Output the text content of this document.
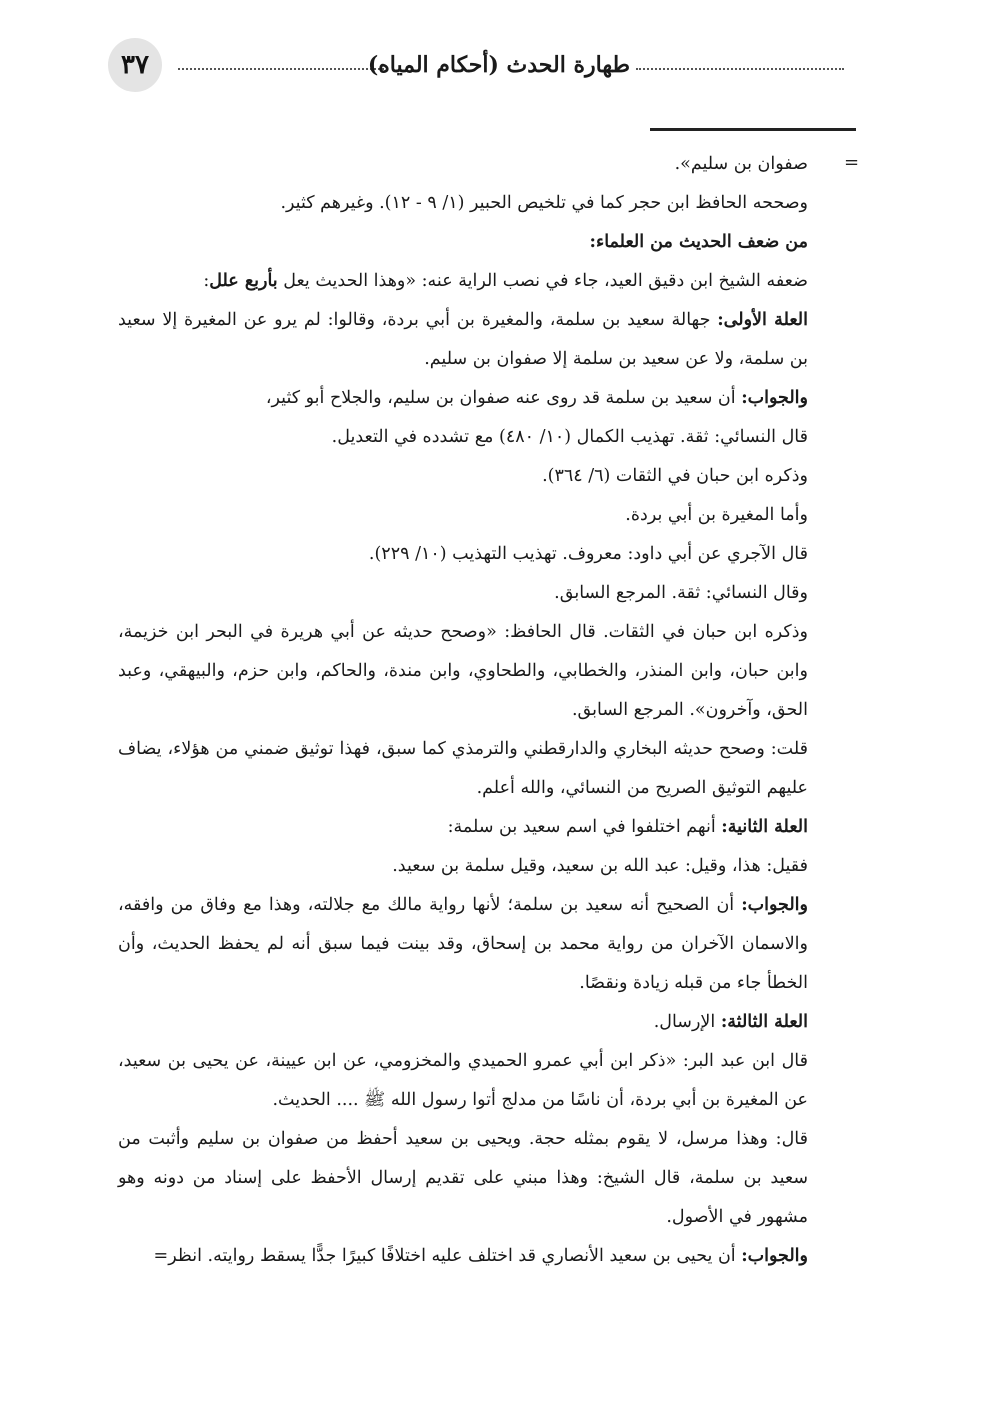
٣٧	طهارة الحدث (أحكام المياه)
=

صفوان بن سليم».

وصححه الحافظ ابن حجر كما في تلخيص الحبير (١/ ٩ - ١٢). وغيرهم كثير.

من ضعف الحديث من العلماء:

ضعفه الشيخ ابن دقيق العيد، جاء في نصب الراية عنه: «وهذا الحديث يعل بأربع علل:

العلة الأولى: جهالة سعيد بن سلمة، والمغيرة بن أبي بردة، وقالوا: لم يرو عن المغيرة إلا سعيد بن سلمة، ولا عن سعيد بن سلمة إلا صفوان بن سليم.

والجواب: أن سعيد بن سلمة قد روى عنه صفوان بن سليم، والجلاح أبو كثير،

قال النسائي: ثقة. تهذيب الكمال (١٠/ ٤٨٠) مع تشدده في التعديل.

وذكره ابن حبان في الثقات (٦/ ٣٦٤).

وأما المغيرة بن أبي بردة.

قال الآجري عن أبي داود: معروف. تهذيب التهذيب (١٠/ ٢٢٩).

وقال النسائي: ثقة. المرجع السابق.

وذكره ابن حبان في الثقات. قال الحافظ: «وصحح حديثه عن أبي هريرة في البحر ابن خزيمة، وابن حبان، وابن المنذر، والخطابي، والطحاوي، وابن مندة، والحاكم، وابن حزم، والبيهقي، وعبد الحق، وآخرون». المرجع السابق.

قلت: وصحح حديثه البخاري والدارقطني والترمذي كما سبق، فهذا توثيق ضمني من هؤلاء، يضاف عليهم التوثيق الصريح من النسائي، والله أعلم.

العلة الثانية: أنهم اختلفوا في اسم سعيد بن سلمة:

فقيل: هذا، وقيل: عبد الله بن سعيد، وقيل سلمة بن سعيد.

والجواب: أن الصحيح أنه سعيد بن سلمة؛ لأنها رواية مالك مع جلالته، وهذا مع وفاق من وافقه، والاسمان الآخران من رواية محمد بن إسحاق، وقد بينت فيما سبق أنه لم يحفظ الحديث، وأن الخطأ جاء من قبله زيادة ونقصًا.

العلة الثالثة: الإرسال.

قال ابن عبد البر: «ذكر ابن أبي عمرو الحميدي والمخزومي، عن ابن عيينة، عن يحيى بن سعيد، عن المغيرة بن أبي بردة، أن ناسًا من مدلج أتوا رسول الله ﷺ .... الحديث.

قال: وهذا مرسل، لا يقوم بمثله حجة. ويحيى بن سعيد أحفظ من صفوان بن سليم وأثبت من سعيد بن سلمة، قال الشيخ: وهذا مبني على تقديم إرسال الأحفظ على إسناد من دونه وهو مشهور في الأصول.

والجواب: أن يحيى بن سعيد الأنصاري قد اختلف عليه اختلافًا كبيرًا جدًّا يسقط روايته. انظر=
